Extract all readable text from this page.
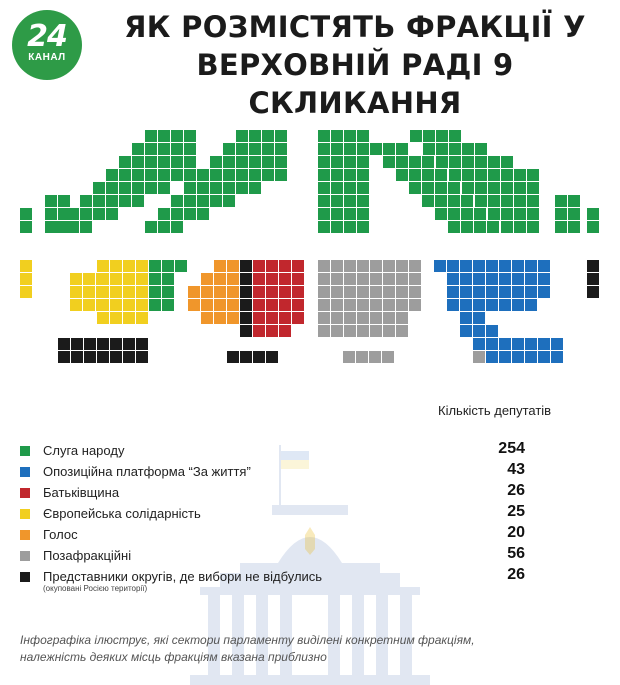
24
КАНАЛ
ЯК РОЗМІСТЯТЬ ФРАКЦІЇ У
ВЕРХОВНІЙ РАДІ 9 СКЛИКАННЯ
Кількість депутатів
Слуга народу	254
Опозиційна платформа “За життя”	43
Батьківщина	26
Європейська солідарність	25
Голос	20
Позафракційні	56
Представники округів, де вибори не відбулись	26
(окуповані Росією території)
Інфографіка ілюструє, які сектори парламенту виділені конкретним фракціям,
належність деяких місць фракціям вказана приблизно
